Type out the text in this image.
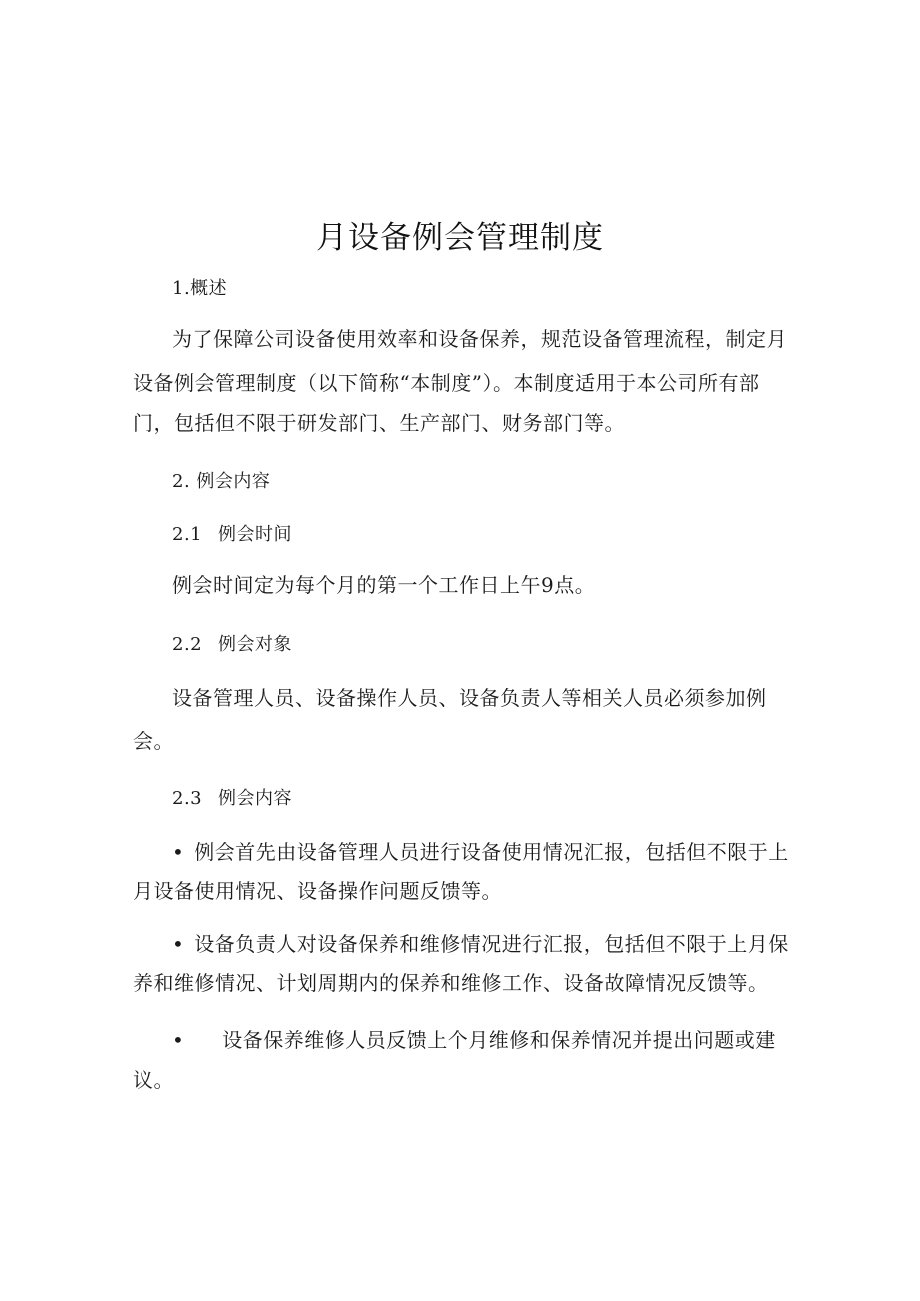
月设备例会管理制度
1.概述
为了保障公司设备使用效率和设备保养，规范设备管理流程，制定月
设备例会管理制度（以下简称“本制度”）。本制度适用于本公司所有部
门，包括但不限于研发部门、生产部门、财务部门等。
2. 例会内容
2.1 例会时间
例会时间定为每个月的第一个工作日上午9点。
2.2 例会对象
设备管理人员、设备操作人员、设备负责人等相关人员必须参加例
会。
2.3 例会内容
• 例会首先由设备管理人员进行设备使用情况汇报，包括但不限于上
月设备使用情况、设备操作问题反馈等。
• 设备负责人对设备保养和维修情况进行汇报，包括但不限于上月保
养和维修情况、计划周期内的保养和维修工作、设备故障情况反馈等。
• 设备保养维修人员反馈上个月维修和保养情况并提出问题或建
议。
